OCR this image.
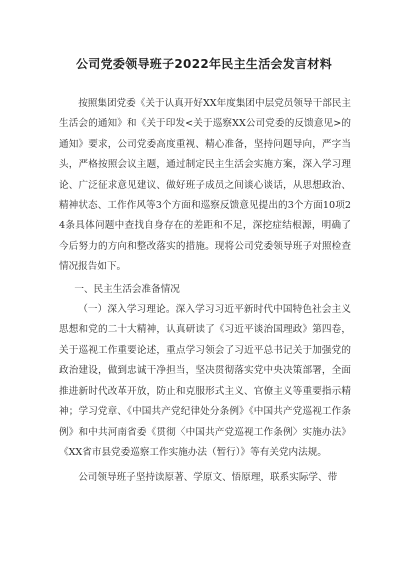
公司党委领导班子2022年民主生活会发言材料

按照集团党委《关于认真开好XX年度集团中层党员领导干部民主生活会的通知》和《关于印发<关于巡察XX公司党委的反馈意见>的通知》要求，公司党委高度重视、精心准备，坚持问题导向，严字当头，严格按照会议主题，通过制定民主生活会实施方案，深入学习理论、广泛征求意见建议、做好班子成员之间谈心谈话，从思想政治、精神状态、工作作风等3个方面和巡察反馈意见提出的3个方面10项24条具体问题中查找自身存在的差距和不足，深挖症结根源，明确了今后努力的方向和整改落实的措施。现将公司党委领导班子对照检查情况报告如下。

一、民主生活会准备情况

（一）深入学习理论。深入学习习近平新时代中国特色社会主义思想和党的二十大精神，认真研读了《习近平谈治国理政》第四卷，关于巡视工作重要论述，重点学习领会了习近平总书记关于加强党的政治建设，做到忠诚干净担当，坚决贯彻落实党中央决策部署，全面推进新时代改革开放，防止和克服形式主义、官僚主义等重要指示精神；学习党章、《中国共产党纪律处分条例》《中国共产党巡视工作条例》和中共河南省委《贯彻〈中国共产党巡视工作条例〉实施办法》《XX省市县党委巡察工作实施办法（暂行）》等有关党内法规。

公司领导班子坚持读原著、学原文、悟原理，联系实际学、带
